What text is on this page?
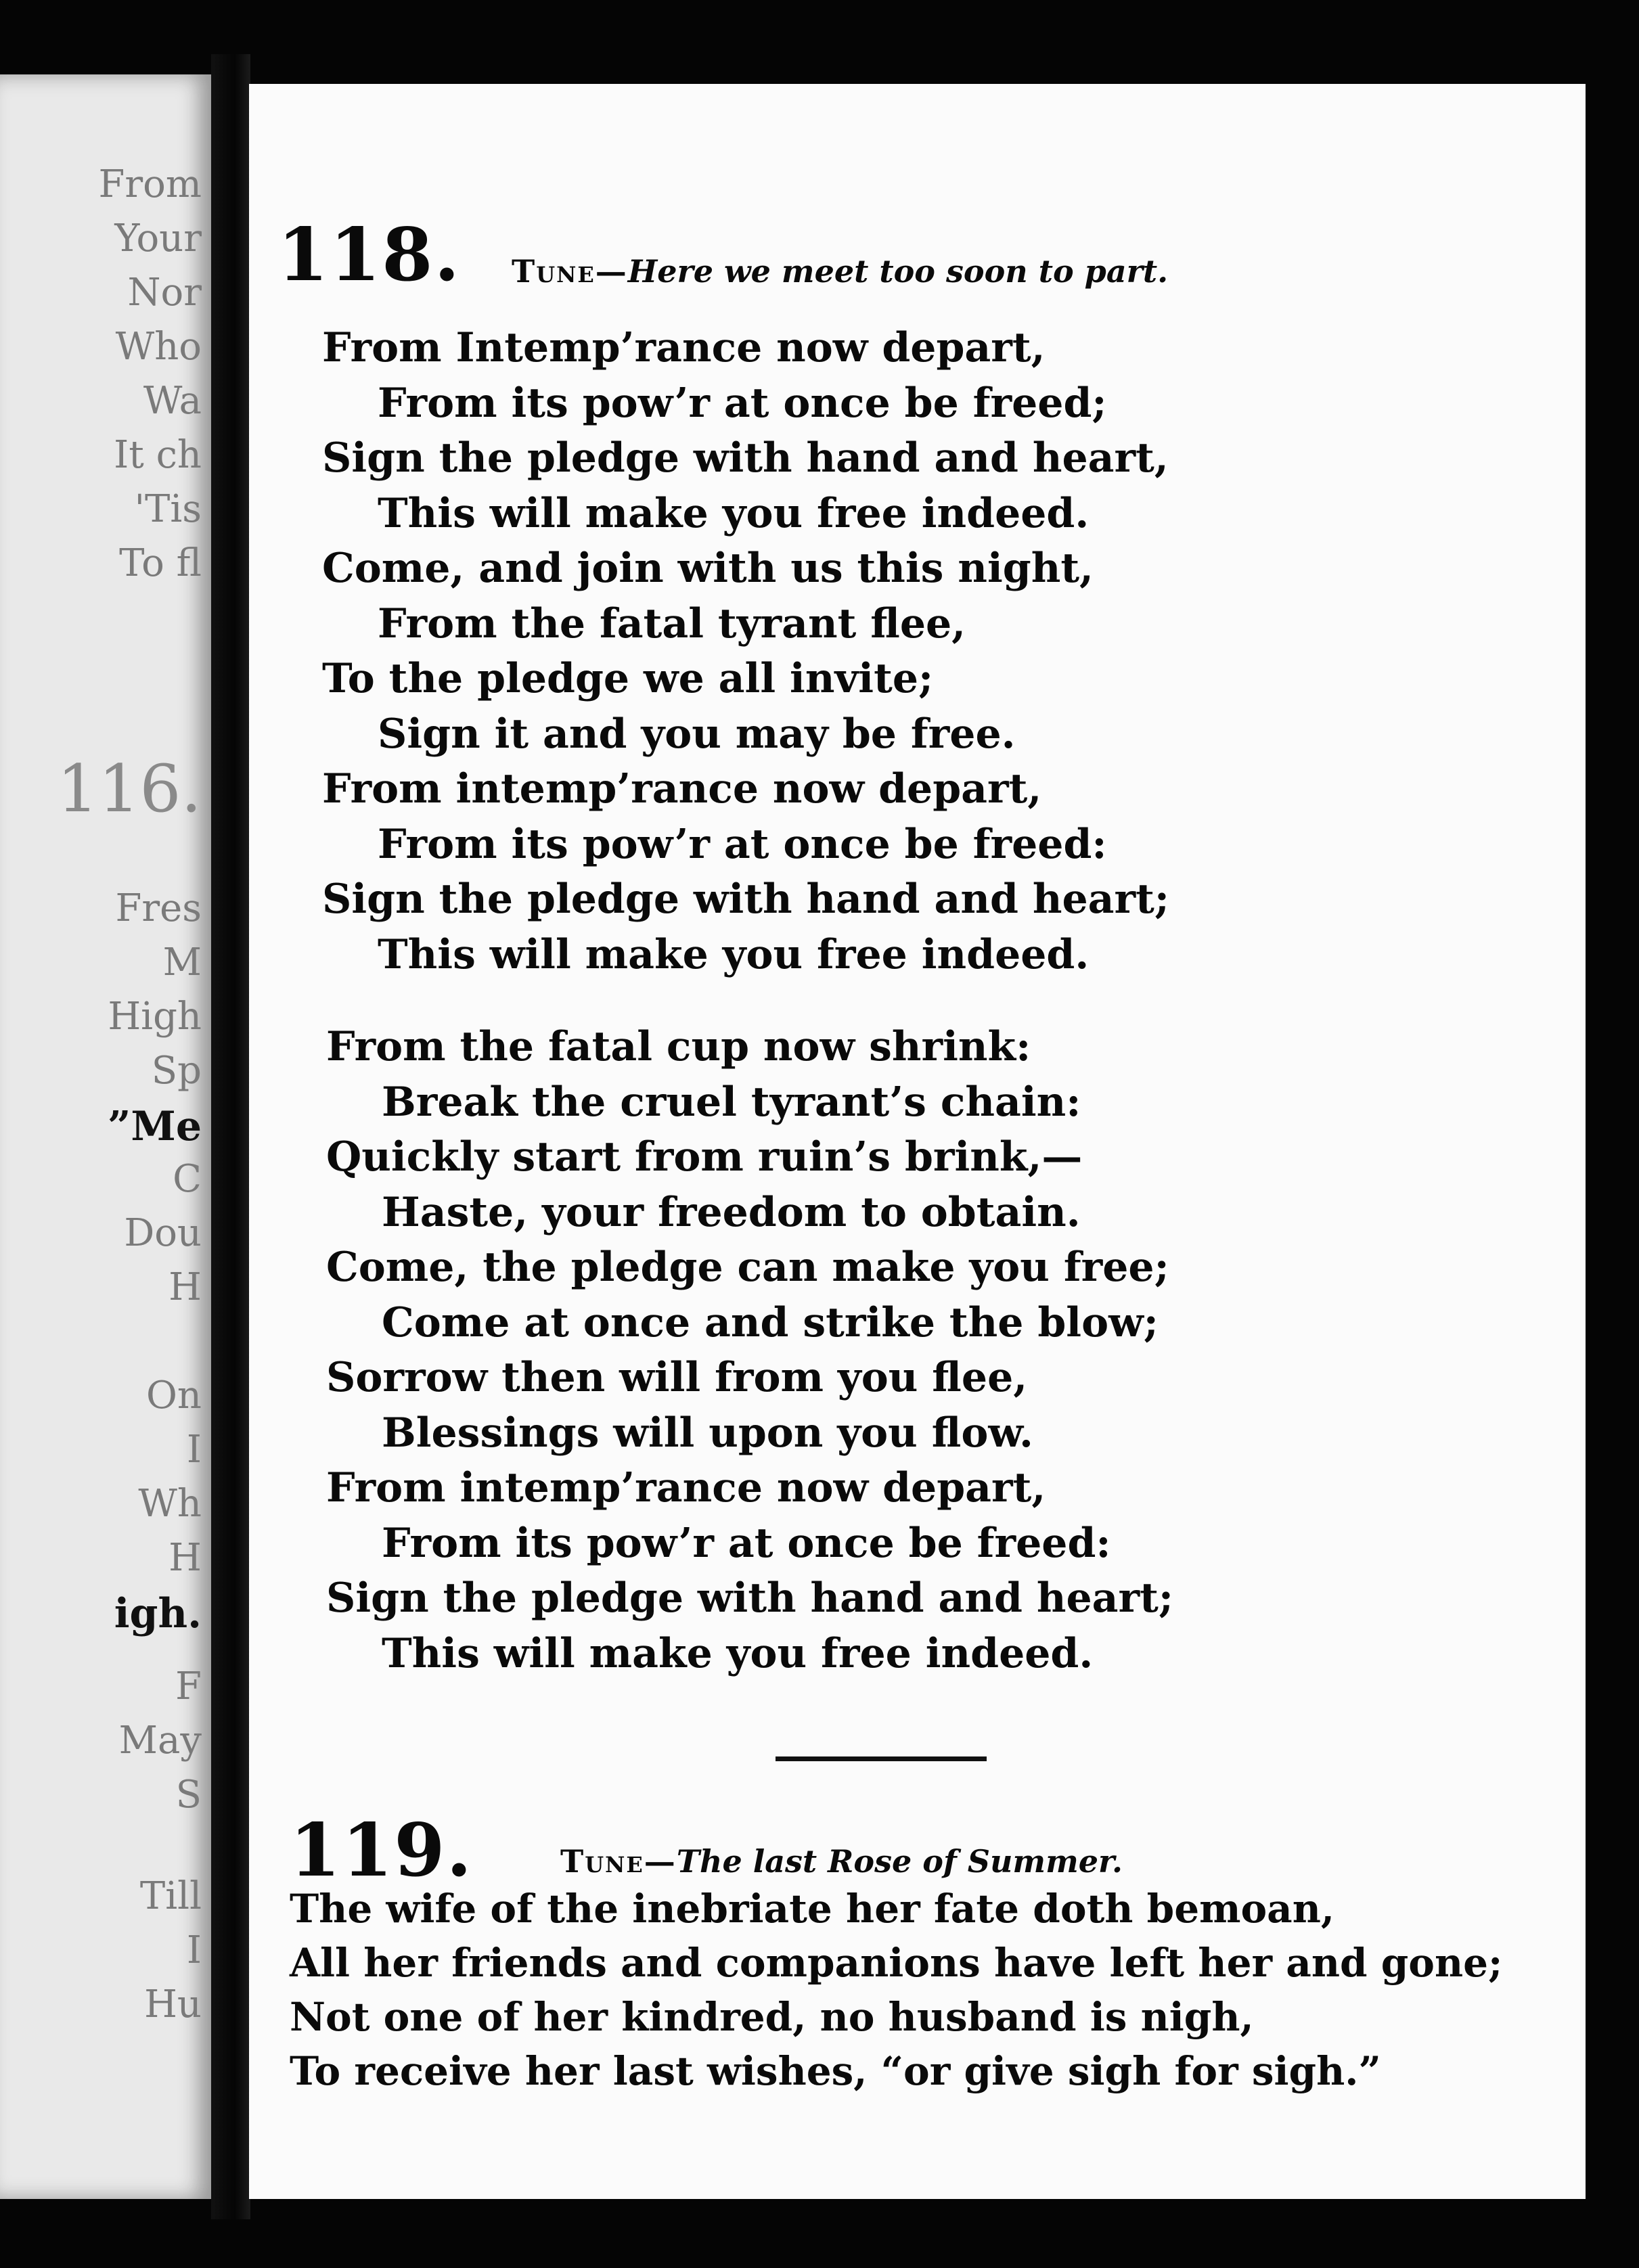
From
Your
Nor
Who
Wa
It ch
'Tis
To fl
116.
Fres
M
High
Sp
”Me
C
Dou
H
On
I
Wh
H
igh.
F
May
S
Till
I
Hu
118. Tune—Here we meet too soon to part.
From Intemp’rance now depart,
From its pow’r at once be freed;
Sign the pledge with hand and heart,
This will make you free indeed.
Come, and join with us this night,
From the fatal tyrant flee,
To the pledge we all invite;
Sign it and you may be free.
From intemp’rance now depart,
From its pow’r at once be freed:
Sign the pledge with hand and heart;
This will make you free indeed.
From the fatal cup now shrink:
Break the cruel tyrant’s chain:
Quickly start from ruin’s brink,—
Haste, your freedom to obtain.
Come, the pledge can make you free;
Come at once and strike the blow;
Sorrow then will from you flee,
Blessings will upon you flow.
From intemp’rance now depart,
From its pow’r at once be freed:
Sign the pledge with hand and heart;
This will make you free indeed.
119.	Tune—The last Rose of Summer.
The wife of the inebriate her fate doth bemoan,
All her friends and companions have left her and gone;
Not one of her kindred, no husband is nigh,
To receive her last wishes, “or give sigh for sigh.”
